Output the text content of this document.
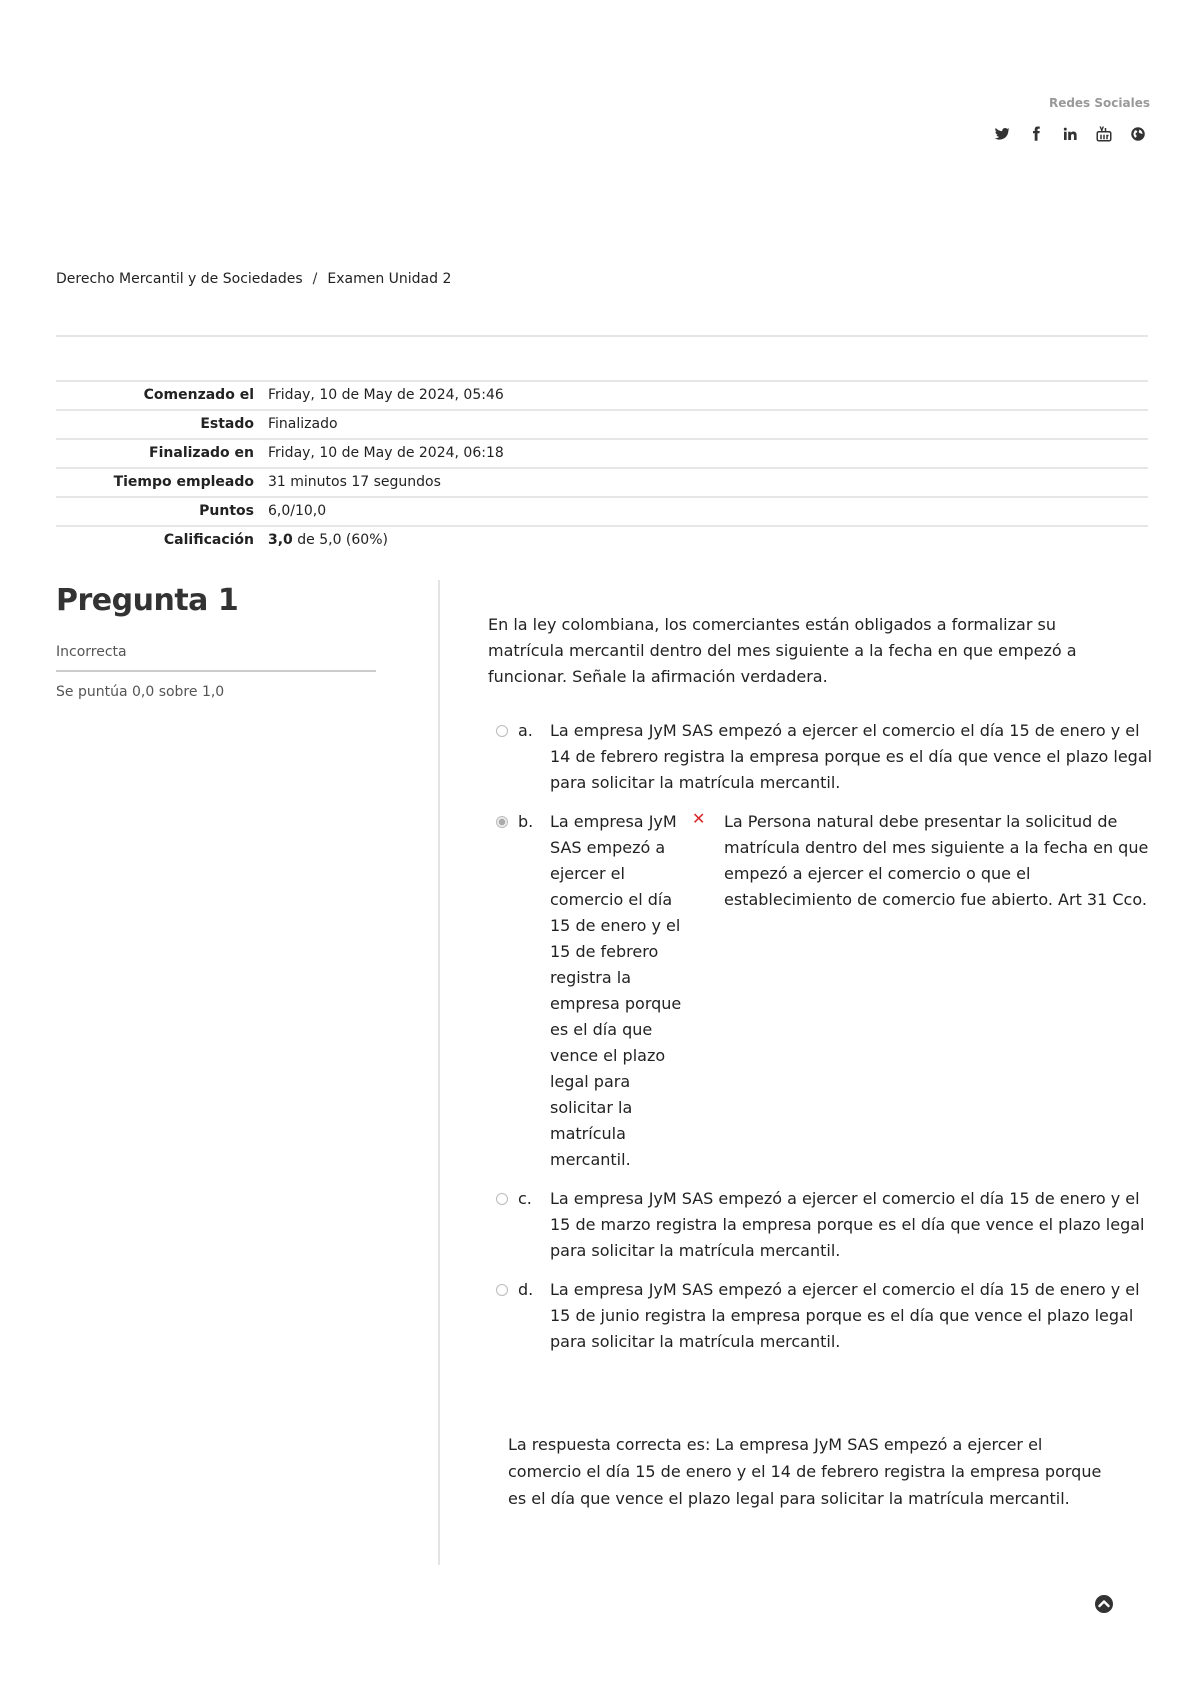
Redes Sociales
Derecho Mercantil y de Sociedades / Examen Unidad 2
Comenzado el	Friday, 10 de May de 2024, 05:46
Estado	Finalizado
Finalizado en	Friday, 10 de May de 2024, 06:18
Tiempo empleado	31 minutos 17 segundos
Puntos	6,0/10,0
Calificación	3,0 de 5,0 (60%)
Pregunta 1
Incorrecta
Se puntúa 0,0 sobre 1,0
En la ley colombiana, los comerciantes están obligados a formalizar su matrícula mercantil dentro del mes siguiente a la fecha en que empezó a funcionar. Señale la afirmación verdadera.
a.	La empresa JyM SAS empezó a ejercer el comercio el día 15 de enero y el 14 de febrero registra la empresa porque es el día que vence el plazo legal para solicitar la matrícula mercantil.
b.	La empresa JyM SAS empezó a ejercer el comercio el día 15 de enero y el 15 de febrero registra la empresa porque es el día que vence el plazo legal para solicitar la matrícula mercantil.
✕	La Persona natural debe presentar la solicitud de matrícula dentro del mes siguiente a la fecha en que empezó a ejercer el comercio o que el establecimiento de comercio fue abierto. Art 31 Cco.
c.	La empresa JyM SAS empezó a ejercer el comercio el día 15 de enero y el 15 de marzo registra la empresa porque es el día que vence el plazo legal para solicitar la matrícula mercantil.
d.	La empresa JyM SAS empezó a ejercer el comercio el día 15 de enero y el 15 de junio registra la empresa porque es el día que vence el plazo legal para solicitar la matrícula mercantil.
La respuesta correcta es: La empresa JyM SAS empezó a ejercer el comercio el día 15 de enero y el 14 de febrero registra la empresa porque es el día que vence el plazo legal para solicitar la matrícula mercantil.
